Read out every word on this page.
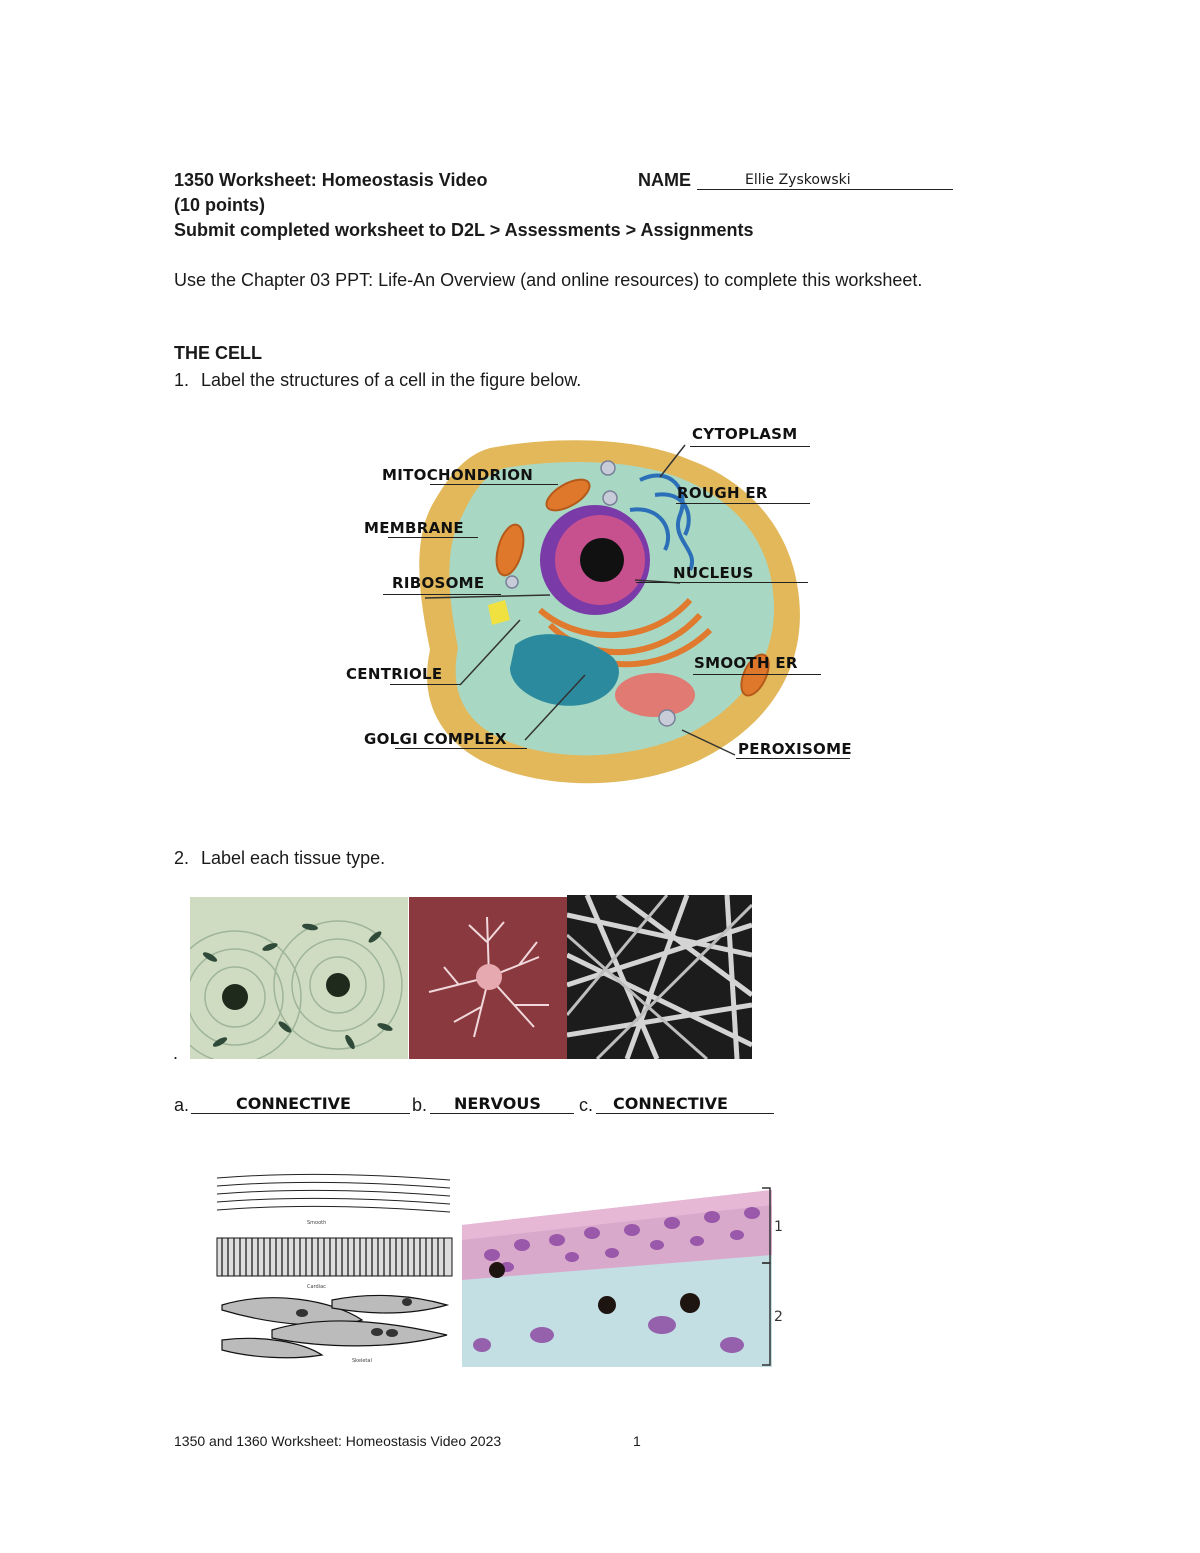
1350 Worksheet: Homeostasis Video	NAME	Ellie Zyskowski
(10 points)
Submit completed worksheet to D2L > Assessments > Assignments
Use the Chapter 03 PPT: Life-An Overview (and online resources) to complete this worksheet.
THE CELL
1. Label the structures of a cell in the figure below.
CYTOPLASM
MITOCHONDRION
ROUGH ER
MEMBRANE
RIBOSOME
NUCLEUS
CENTRIOLE
SMOOTH ER
GOLGI COMPLEX
PEROXISOME
2. Label each tissue type.
.
a.	CONNECTIVE	b. NERVOUS c. CONNECTIVE
Smooth
Cardiac
Skeletal
1
2
1350 and 1360 Worksheet: Homeostasis Video 2023	1
